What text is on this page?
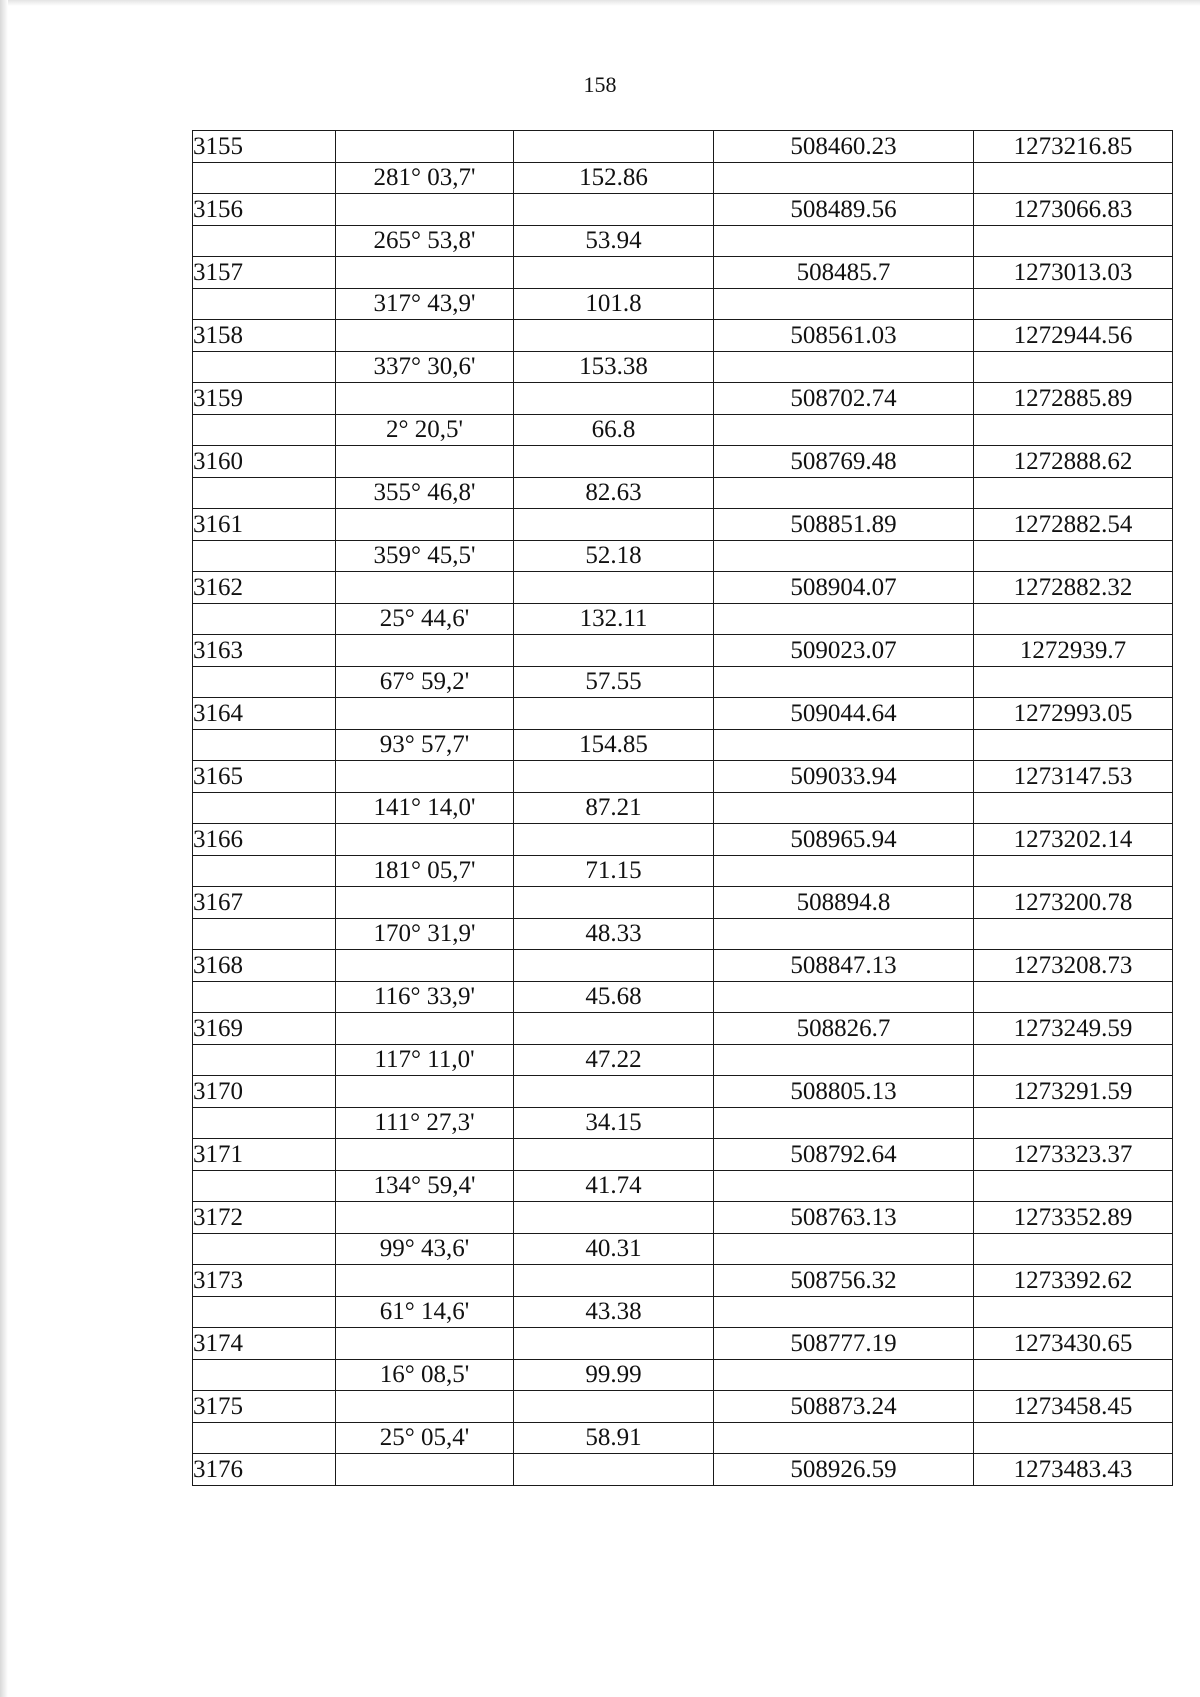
158
3155			508460.23	1273216.85
	281° 03,7'	152.86		
3156			508489.56	1273066.83
	265° 53,8'	53.94		
3157			508485.7	1273013.03
	317° 43,9'	101.8		
3158			508561.03	1272944.56
	337° 30,6'	153.38		
3159			508702.74	1272885.89
	2° 20,5'	66.8		
3160			508769.48	1272888.62
	355° 46,8'	82.63		
3161			508851.89	1272882.54
	359° 45,5'	52.18		
3162			508904.07	1272882.32
	25° 44,6'	132.11		
3163			509023.07	1272939.7
	67° 59,2'	57.55		
3164			509044.64	1272993.05
	93° 57,7'	154.85		
3165			509033.94	1273147.53
	141° 14,0'	87.21		
3166			508965.94	1273202.14
	181° 05,7'	71.15		
3167			508894.8	1273200.78
	170° 31,9'	48.33		
3168			508847.13	1273208.73
	116° 33,9'	45.68		
3169			508826.7	1273249.59
	117° 11,0'	47.22		
3170			508805.13	1273291.59
	111° 27,3'	34.15		
3171			508792.64	1273323.37
	134° 59,4'	41.74		
3172			508763.13	1273352.89
	99° 43,6'	40.31		
3173			508756.32	1273392.62
	61° 14,6'	43.38		
3174			508777.19	1273430.65
	16° 08,5'	99.99		
3175			508873.24	1273458.45
	25° 05,4'	58.91		
3176			508926.59	1273483.43
